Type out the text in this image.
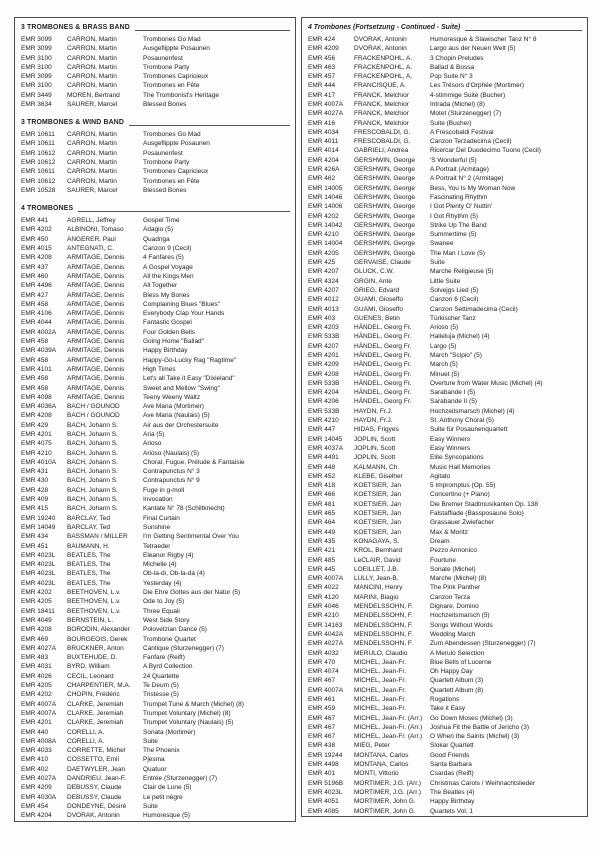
3 TROMBONES & BRASS BAND
EMR 3099	CARRON, Martin	Trombones Go Mad
EMR 3099	CARRON, Martin	Ausgeflippte Posaunen
EMR 3100	CARRON, Martin	Posaunenfest
EMR 3100	CARRON, Martin	Trombone Party
EMR 3099	CARRON, Martin	Trombones Capricieux
EMR 3100	CARRON, Martin	Trombones en Fête
EMR 3449	MOREN, Bertrand	The Trombonist's Heritage
EMR 3634	SAURER, Marcel	Blessed Bones
3 TROMBONES & WIND BAND
EMR 10611	CARRON, Martin	Trombones Go Mad
EMR 10611	CARRON, Martin	Ausgeflippte Posaunen
EMR 10612	CARRON, Martin	Posaunenfest
EMR 10612	CARRON, Martin	Trombone Party
EMR 10611	CARRON, Martin	Trombones Capricieux
EMR 10612	CARRON, Martin	Trombones en Fête
EMR 10528	SAURER, Marcel	Blessed Bones
4 TROMBONES
EMR 441	AGRELL, Jeffrey	Gospel Time
EMR 4202	ALBINONI, Tomaso	Adagio (5)
EMR 450	ANGERER, Paul	Quadriga
EMR 4015	ANTEGNATI, C.	Canzon 9 (Cecil)
EMR 4208	ARMITAGE, Dennis	4 Fanfares (5)
EMR 437	ARMITAGE, Dennis	A Gospel Voyage
EMR 460	ARMITAGE, Dennis	All the Kings Men
EMR 4496	ARMITAGE, Dennis	All Together
EMR 427	ARMITAGE, Dennis	Bless My Bones
EMR 458	ARMITAGE, Dennis	Complaining Blues "Blues"
EMR 4106	ARMITAGE, Dennis	Everybody Clap Your Hands
EMR 4044	ARMITAGE, Dennis	Fantastic Gospel
EMR 4002A	ARMITAGE, Dennis	Four Golden Bells
EMR 458	ARMITAGE, Dennis	Going Home "Ballad"
EMR 4039A	ARMITAGE, Dennis	Happy Birthday
EMR 458	ARMITAGE, Dennis	Happy-Go-Lucky Rag "Ragtime"
EMR 4101	ARMITAGE, Dennis	High Times
EMR 458	ARMITAGE, Dennis	Let's all Take it Easy "Dixieland"
EMR 458	ARMITAGE, Dennis	Sweet and Mellow "Swing"
EMR 4098	ARMITAGE, Dennis	Teeny Weeny Waltz
EMR 4036A	BACH / GOUNOD	Ave Maria (Mortimer)
EMR 4208	BACH / GOUNOD	Ave Maria (Naulais) (5)
EMR 429	BACH, Johann S.	Air aus der Orchestersuite
EMR 4201	BACH, Johann S.	Aria (5)
EMR 4075	BACH, Johann S.	Arioso
EMR 4210	BACH, Johann S.	Arioso (Naulais) (5)
EMR 4010A	BACH, Johann S.	Choral, Fugue, Prélude & Fantaisie
EMR 431	BACH, Johann S.	Contrapunctus N° 3
EMR 430	BACH, Johann S.	Contrapunctus N° 9
EMR 428	BACH, Johann S.	Fuge in g-moll
EMR 409	BACH, Johann S.	Invocation
EMR 415	BACH, Johann S.	Kantate N° 78 (Schiltknecht)
EMR 19240	BARCLAY, Ted	Final Curtain
EMR 14049	BARCLAY, Ted	Sunshine
EMR 434	BASSMAN / MILLER	I'm Getting Sentimental Over You
EMR 451	BAUMANN, H.	Tetraeder
EMR 4023L	BEATLES, The	Eleanor Rigby (4)
EMR 4023L	BEATLES, The	Michelle (4)
EMR 4023L	BEATLES, The	Ob-la-di, Ob-la-da (4)
EMR 4023L	BEATLES, The	Yesterday (4)
EMR 4202	BEETHOVEN, L.v.	Die Ehre Gottes aus der Natur (5)
EMR 4205	BEETHOVEN, L.v.	Ode to Joy (5)
EMR 18411	BEETHOVEN, L.v.	Three Equali
EMR 4049	BERNSTEIN, L.	West Side Story
EMR 4208	BORODIN, Alexander	Polovetzian Dance (5)
EMR 469	BOURGEOIS, Derek	Trombone Quartet
EMR 4027A	BRUCKNER, Anton	Cantique (Sturzenegger) (7)
EMR 483	BUXTEHUDE, D.	Fanfare (Reift)
EMR 4031	BYRD, William	A Byrd Collection
EMR 4026	CECIL, Leonard	24 Quartette
EMR 4205	CHARPENTIER, M.A.	Te Deum (5)
EMR 4202	CHOPIN, Frédéric	Tristesse (5)
EMR 4007A	CLARKE, Jeremiah	Trumpet Tune & March (Michel) (8)
EMR 4007A	CLARKE, Jeremiah	Trumpet Voluntary (Michel) (8)
EMR 4201	CLARKE, Jeremiah	Trumpet Voluntary (Naulais) (5)
EMR 440	CORELLI, A.	Sonata (Mortimer)
EMR 4008A	CORELLI, A.	Suite
EMR 4033	CORRETTE, Michel	The Phoenix
EMR 410	COSSETTO, Emil	Pjesma
EMR 402	DAETWYLER, Jean	Quatuor
EMR 4027A	DANDRIEU, Jean-F.	Entrée (Sturzenegger) (7)
EMR 4209	DEBUSSY, Claude	Clair de Lune (5)
EMR 4030A	DEBUSSY, Claude	Le petit nègre
EMR 454	DONDEYNE, Désiré	Suite
EMR 4204	DVORAK, Antonin	Humoresque (5)
4 Trombones (Fortsetzung - Continued - Suite)
EMR 424	DVORAK, Antonin	Humoresque & Slawischer Tanz N° 8
EMR 4209	DVORAK, Antonin	Largo aus der Neuen Welt (5)
EMR 456	FRACKENPOHL, A.	3 Chopin Preludes
EMR 463	FRACKENPOHL, A.	Ballad & Bossa
EMR 457	FRACKENPOHL, A.	Pop Suite N° 3
EMR 444	FRANCISQUE, A.	Les Trésors d'Orphée (Mortimer)
EMR 417	FRANCK, Melchior	4-stimmige Suite (Bucher)
EMR 4007A	FRANCK, Melchior	Intrada (Michel) (8)
EMR 4027A	FRANCK, Melchior	Motet (Sturzenegger) (7)
EMR 416	FRANCK, Melchior	Suite (Bucher)
EMR 4034	FRESCOBALDI, G.	A Frescobaldi Festival
EMR 4011	FRESCOBALDI, G.	Canzon Terzadecima (Cecil)
EMR 4014	GABRIELI, Andrea	Ricercar Del Duodecimo Tuono (Cecil)
EMR 4204	GERSHWIN, George	'S Wonderful (5)
EMR 426A	GERSHWIN, George	A Portrait (Armitage)
EMR 462	GERSHWIN, George	A Portrait N° 2 (Armitage)
EMR 14005	GERSHWIN, George	Bess, You Is My Woman Now
EMR 14046	GERSHWIN, George	Fascinating Rhythm
EMR 14006	GERSHWIN, George	I Got Plenty O' Nuttin'
EMR 4202	GERSHWIN, George	I Got Rhythm (5)
EMR 14042	GERSHWIN, George	Strike Up The Band
EMR 4210	GERSHWIN, George	Summertime (5)
EMR 14004	GERSHWIN, George	Swanee
EMR 4205	GERSHWIN, George	The Man I Love (5)
EMR 425	GERVAISE, Claude	Suite
EMR 4207	GLUCK, C.W.	Marche Religieuse (5)
EMR 4324	GRGIN, Ante	Little Suite
EMR 4207	GRIEG, Edvard	Solvejgs Lied (5)
EMR 4012	GUAMI, Gioseffo	Canzon 6 (Cecil)
EMR 4013	GUAMI, Gioseffo	Canzon Settimadecima (Cecil)
EMR 403	GUENES, Betin	Türkischer Tanz
EMR 4203	HÄNDEL, Georg Fr.	Arioso (5)
EMR 533B	HÄNDEL, Georg Fr.	Halleluja (Michel) (4)
EMR 4207	HÄNDEL, Georg Fr.	Largo (5)
EMR 4201	HÄNDEL, Georg Fr.	March "Scipio" (5)
EMR 4209	HÄNDEL, Georg Fr.	March (5)
EMR 4208	HÄNDEL, Georg Fr.	Minuet (5)
EMR 533B	HÄNDEL, Georg Fr.	Overture from Water Music (Michel) (4)
EMR 4204	HÄNDEL, Georg Fr.	Sarabande I (5)
EMR 4206	HÄNDEL, Georg Fr.	Sarabande II (5)
EMR 533B	HAYDN, Fr.J.	Hochzeitsmarsch (Michel) (4)
EMR 4210	HAYDN, Fr.J.	St. Anthony Choral (5)
EMR 447	HIDAS, Frigyes	Suite für Posaunenquartett
EMR 14045	JOPLIN, Scott	Easy Winners
EMR 4037A	JOPLIN, Scott	Easy Winners
EMR 4491	JOPLIN, Scott	Elite Syncopations
EMR 448	KALMANN, Ch.	Music Hall Memories
EMR 452	KLEBE, Giselher	Agitato
EMR 418	KOETSIER, Jan	5 Impromptus (Op. 55)
EMR 466	KOETSIER, Jan	Concertino (+ Piano)
EMR 481	KOETSIER, Jan	Die Bremer Stadtmusikanten Op. 138
EMR 465	KOETSIER, Jan	Falstaffiade (Bassposaune Solo)
EMR 464	KOETSIER, Jan	Grassauer Zwiefacher
EMR 449	KOETSIER, Jan	Max & Moritz
EMR 435	KONAGAYA, S.	Dream
EMR 421	KROL, Bernhard	Pezzo Armonico
EMR 485	LeCLAIR, David	Fourtune
EMR 445	LOEILLET, J.B.	Sonate (Michel)
EMR 4007A	LULLY, Jean-B.	Marche (Michel) (8)
EMR 4022	MANCINI, Henry	The Pink Panther
EMR 4120	MARINI, Biagio	Canzon Terza
EMR 4046	MENDELSSOHN, F.	Dignare, Domino
EMR 4210	MENDELSSOHN, F.	Hochzeitsmarsch (5)
EMR 14163	MENDELSSOHN, F.	Songs Without Words
EMR 4042A	MENDELSSOHN, F.	Wedding March
EMR 4027A	MENDELSSOHN, F.	Zum Abendessen (Sturzenegger) (7)
EMR 4032	MERULO, Claudio	A Merulo Selection
EMR 470	MICHEL, Jean-Fr.	Blue Bells of Lucerne
EMR 4074	MICHEL, Jean-Fr.	Oh Happy Day
EMR 467	MICHEL, Jean-Fr.	Quartett Album (3)
EMR 4007A	MICHEL, Jean-Fr.	Quartett Album (8)
EMR 461	MICHEL, Jean-Fr.	Rogations
EMR 459	MICHEL, Jean-Fr.	Take it Easy
EMR 467	MICHEL, Jean-Fr. (Arr.)	Go Down Moses (Michel) (3)
EMR 467	MICHEL, Jean-Fr. (Arr.)	Joshua Fit the Battle of Jericho (3)
EMR 467	MICHEL, Jean-Fr. (Arr.)	O When the Saints (Michel) (3)
EMR 438	MIEG, Peter	Slokar Quartett
EMR 19244	MONTANA, Carlos	Good Friends
EMR 4498	MONTANA, Carlos	Santa Barbara
EMR 401	MONTI, Vittorio	Csardas (Reift)
EMR 5196B	MORTIMER, J.G. (Arr.)	Christmas Carols / Weihnachtslieder
EMR 4023L	MORTIMER, J.G. (Arr.)	The Beatles (4)
EMR 4051	MORTIMER, John G.	Happy Birthday
EMR 4085	MORTIMER, John G.	Quartets Vol. 1
